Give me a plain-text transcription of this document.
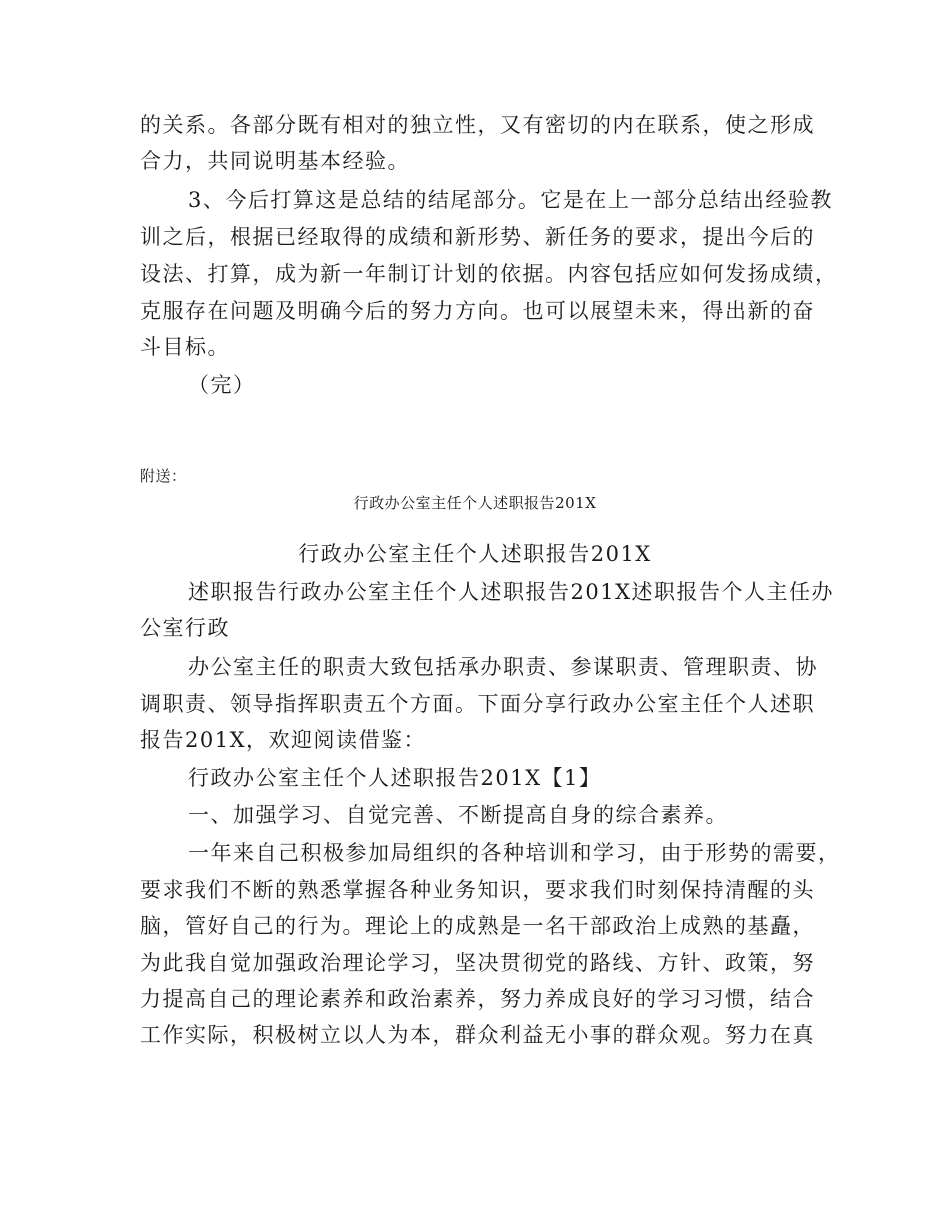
的关系。各部分既有相对的独立性，又有密切的内在联系，使之形成
合力，共同说明基本经验。
3、今后打算这是总结的结尾部分。它是在上一部分总结出经验教
训之后，根据已经取得的成绩和新形势、新任务的要求，提出今后的
设法、打算，成为新一年制订计划的依据。内容包括应如何发扬成绩，
克服存在问题及明确今后的努力方向。也可以展望未来，得出新的奋
斗目标。
（完）
附送：
行政办公室主任个人述职报告201X
行政办公室主任个人述职报告201X
述职报告行政办公室主任个人述职报告201X述职报告个人主任办
公室行政
办公室主任的职责大致包括承办职责、参谋职责、管理职责、协
调职责、领导指挥职责五个方面。下面分享行政办公室主任个人述职
报告201X，欢迎阅读借鉴：
行政办公室主任个人述职报告201X【1】
一、加强学习、自觉完善、不断提高自身的综合素养。
一年来自己积极参加局组织的各种培训和学习，由于形势的需要，
要求我们不断的熟悉掌握各种业务知识，要求我们时刻保持清醒的头
脑，管好自己的行为。理论上的成熟是一名干部政治上成熟的基矗，
为此我自觉加强政治理论学习，坚决贯彻党的路线、方针、政策，努
力提高自己的理论素养和政治素养，努力养成良好的学习习惯，结合
工作实际，积极树立以人为本，群众利益无小事的群众观。努力在真
